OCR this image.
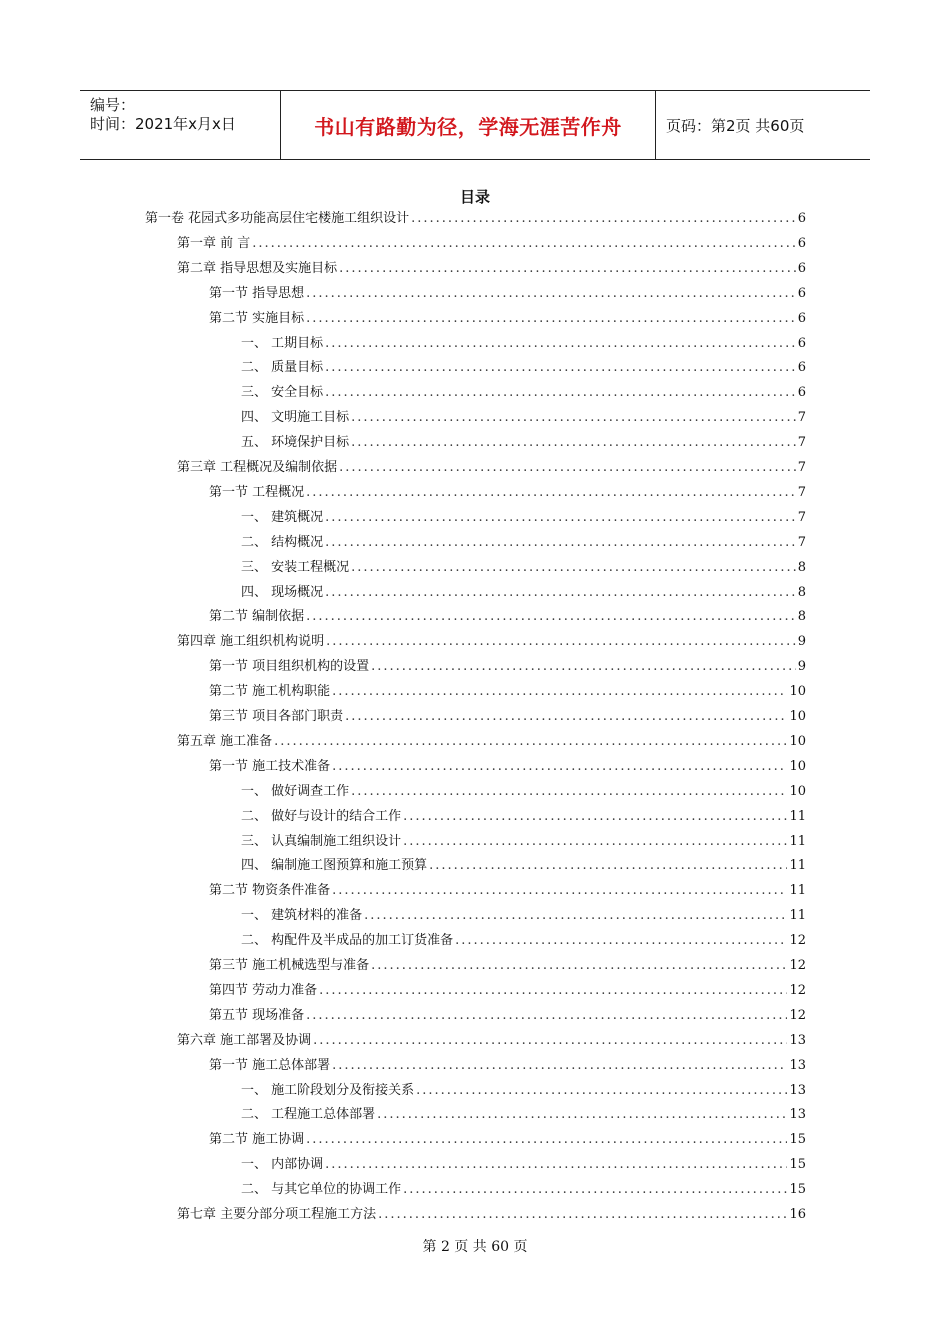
编号：
时间：2021年x月x日	书山有路勤为径，学海无涯苦作舟	页码：第2页 共60页
目录
第一卷 花园式多功能高层住宅楼施工组织设计 .....	6
第一章 前 言 .....	6
第二章 指导思想及实施目标 .....	6
第一节 指导思想 .....	6
第二节 实施目标 .....	6
一、 工期目标 .....	6
二、 质量目标 .....	6
三、 安全目标 .....	6
四、 文明施工目标 .....	7
五、 环境保护目标 .....	7
第三章 工程概况及编制依据 .....	7
第一节 工程概况 .....	7
一、 建筑概况 .....	7
二、 结构概况 .....	7
三、 安装工程概况 .....	8
四、 现场概况 .....	8
第二节 编制依据 .....	8
第四章 施工组织机构说明 .....	9
第一节 项目组织机构的设置 .....	9
第二节 施工机构职能 .....	10
第三节 项目各部门职责 .....	10
第五章 施工准备 .....	10
第一节 施工技术准备 .....	10
一、 做好调查工作 .....	10
二、 做好与设计的结合工作 .....	11
三、 认真编制施工组织设计 .....	11
四、 编制施工图预算和施工预算 .....	11
第二节 物资条件准备 .....	11
一、 建筑材料的准备 .....	11
二、 构配件及半成品的加工订货准备 .....	12
第三节 施工机械选型与准备 .....	12
第四节 劳动力准备 .....	12
第五节 现场准备 .....	12
第六章 施工部署及协调 .....	13
第一节 施工总体部署 .....	13
一、 施工阶段划分及衔接关系 .....	13
二、 工程施工总体部署 .....	13
第二节 施工协调 .....	15
一、 内部协调 .....	15
二、 与其它单位的协调工作 .....	15
第七章 主要分部分项工程施工方法 .....	16
第 2 页 共 60 页
